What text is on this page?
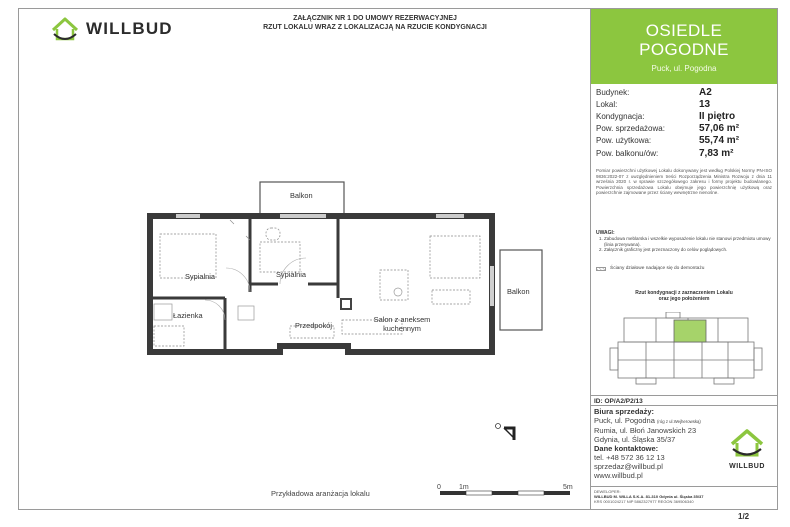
WILLBUD
ZAŁĄCZNIK NR 1 DO UMOWY REZERWACYJNEJ
RZUT LOKALU WRAZ Z LOKALIZACJĄ NA RZUCIE KONDYGNACJI	OSIEDLE
POGODNE
Puck, ul. Pogodna
Budynek:	A2
Lokal:	13
Kondygnacja:	II piętro
Pow. sprzedażowa:	57,06 m²
Pow. użytkowa:	55,74 m²
Pow. balkonu/ów:	7,83 m²
Pomiar powierzchni użytkowej Lokalu dokonywany jest według Polskiej Normy PN-ISO 9836:2022-07 z uwzględnieniem treści Rozporządzenia Ministra Rozwoju z dnia 11 września 2020 r. w sprawie szczegółowego zakresu i formy projektu budowlanego. Powierzchnia sprzedażowa Lokalu obejmuje jego powierzchnię użytkową oraz powierzchnie zajmowane przez ściany wewnętrzne nienośne.
UWAGI:
1. Zabudowa meblarska i wszelkie wyposażenie lokalu nie stanowi przedmiotu umowy (linia przerywana).
2. Załącznik graficzny jest przeznaczony do celów poglądowych.
Ściany działowe nadające się do demontażu
Rzut kondygnacji z zaznaczeniem Lokalu
oraz jego położeniem
ID: OP/A2/P2/13
Biura sprzedaży:
Puck, ul. Pogodna (róg z ul.Wejherowską)
Rumia, ul. Błoń Janowskich 23
Gdynia, ul. Śląska 35/37
Dane kontaktowe:
tel. +48 572 36 12 13
sprzedaz@willbud.pl
www.willbud.pl
WILLBUD
DEWELOPER:
WILLBUD M. WILLA S.K.A. 81-310 Gdynia ul. Śląska 35/37
KRS 0001024217 NIP 5862327977 REGON 369506340
1/2
Balkon
Balkon
Sypialnia	Sypialnia
Łazienka
Przedpokój
Salon z aneksem
kuchennym
0	1m	5m
Przykładowa aranżacja lokalu
